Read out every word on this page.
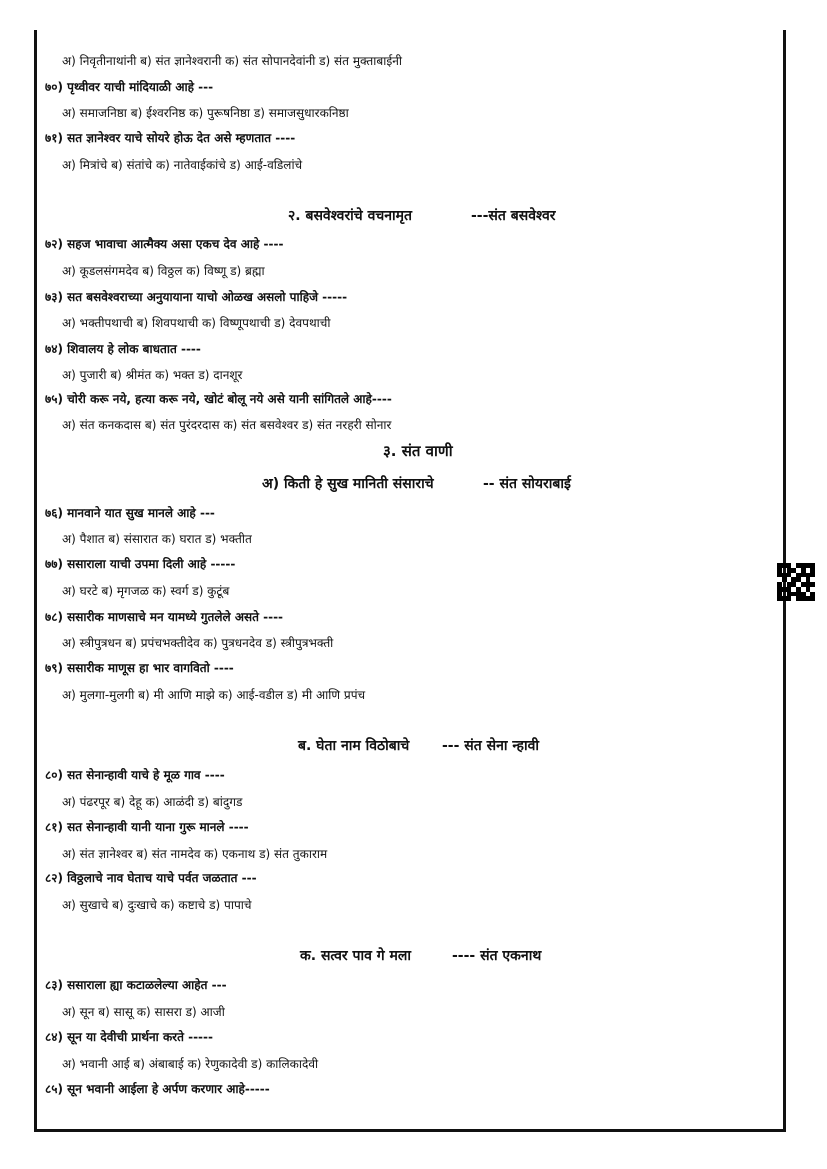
अ) निवृतीनाथांनी ब) संत ज्ञानेश्वरानी क) संत सोपानदेवांनी ड) संत मुक्ताबाईनी
७०) पृथ्वीवर याची मांदियाळी आहे ---
अ) समाजनिष्ठा ब) ईश्वरनिष्ठ क) पुरूषनिष्ठा ड) समाजसुधारकनिष्ठा
७१) सत ज्ञानेश्वर याचे सोयरे होऊ देत असे म्हणतात ----
अ) मित्रांचे ब) संतांचे क) नातेवाईकांचे ड) आई-वडिलांचे
२. बसवेश्वरांचे वचनामृत	---संत बसवेश्वर
७२) सहज भावाचा आत्मैक्य असा एकच देव आहे ----
अ) कूडलसंगमदेव ब) विठ्ठल क) विष्णू ड) ब्रह्मा
७३) सत बसवेश्वराच्या अनुयायाना याचो ओळख असलो पाहिजे -----
अ) भक्तीपथाची ब) शिवपथाची क) विष्णूपथाची ड) देवपथाची
७४) शिवालय हे लोक बाधतात ----
अ) पुजारी ब) श्रीमंत क) भक्त ड) दानशूर
७५) चोरी करू नये, हत्या करू नये, खोटं बोलू नये असे यानी सांगितले आहे----
अ) संत कनकदास ब) संत पुरंदरदास क) संत बसवेश्वर ड) संत नरहरी सोनार
३. संत वाणी
अ) किती हे सुख मानिती संसाराचे	-- संत सोयराबाई
७६) मानवाने यात सुख मानले आहे ---
अ) पैशात ब) संसारात क) घरात ड) भक्तीत
७७) ससाराला याची उपमा दिली आहे -----
अ) घरटे ब) मृगजळ क) स्वर्ग ड) कुटूंब
७८) ससारीक माणसाचे मन यामध्ये गुतलेले असते ----
अ) स्त्रीपुत्रधन ब) प्रपंचभक्तीदेव क) पुत्रधनदेव ड) स्त्रीपुत्रभक्ती
७९) ससारीक माणूस हा भार वागवितो ----
अ) मुलगा-मुलगी ब) मी आणि माझे क) आई-वडील ड) मी आणि प्रपंच
ब. घेता नाम विठोबाचे --- संत सेना न्हावी
८०) सत सेनान्हावी याचे हे मूळ गाव ----
अ) पंढरपूर ब) देहू क) आळंदी ड) बांदुगड
८१) सत सेनान्हावी यानी याना गुरू मानले ----
अ) संत ज्ञानेश्वर ब) संत नामदेव क) एकनाथ ड) संत तुकाराम
८२) विठ्ठलाचे नाव घेताच याचे पर्वत जळतात ---
अ) सुखाचे ब) दुःखाचे क) कष्टाचे ड) पापाचे
क. सत्वर पाव गे मला	---- संत एकनाथ
८३) ससाराला ह्या कटाळलेल्या आहेत ---
अ) सून ब) सासू क) सासरा ड) आजी
८४) सून या देवीची प्रार्थना करते -----
अ) भवानी आई ब) अंबाबाई क) रेणुकादेवी ड) कालिकादेवी
८५) सून भवानी आईला हे अर्पण करणार आहे-----
